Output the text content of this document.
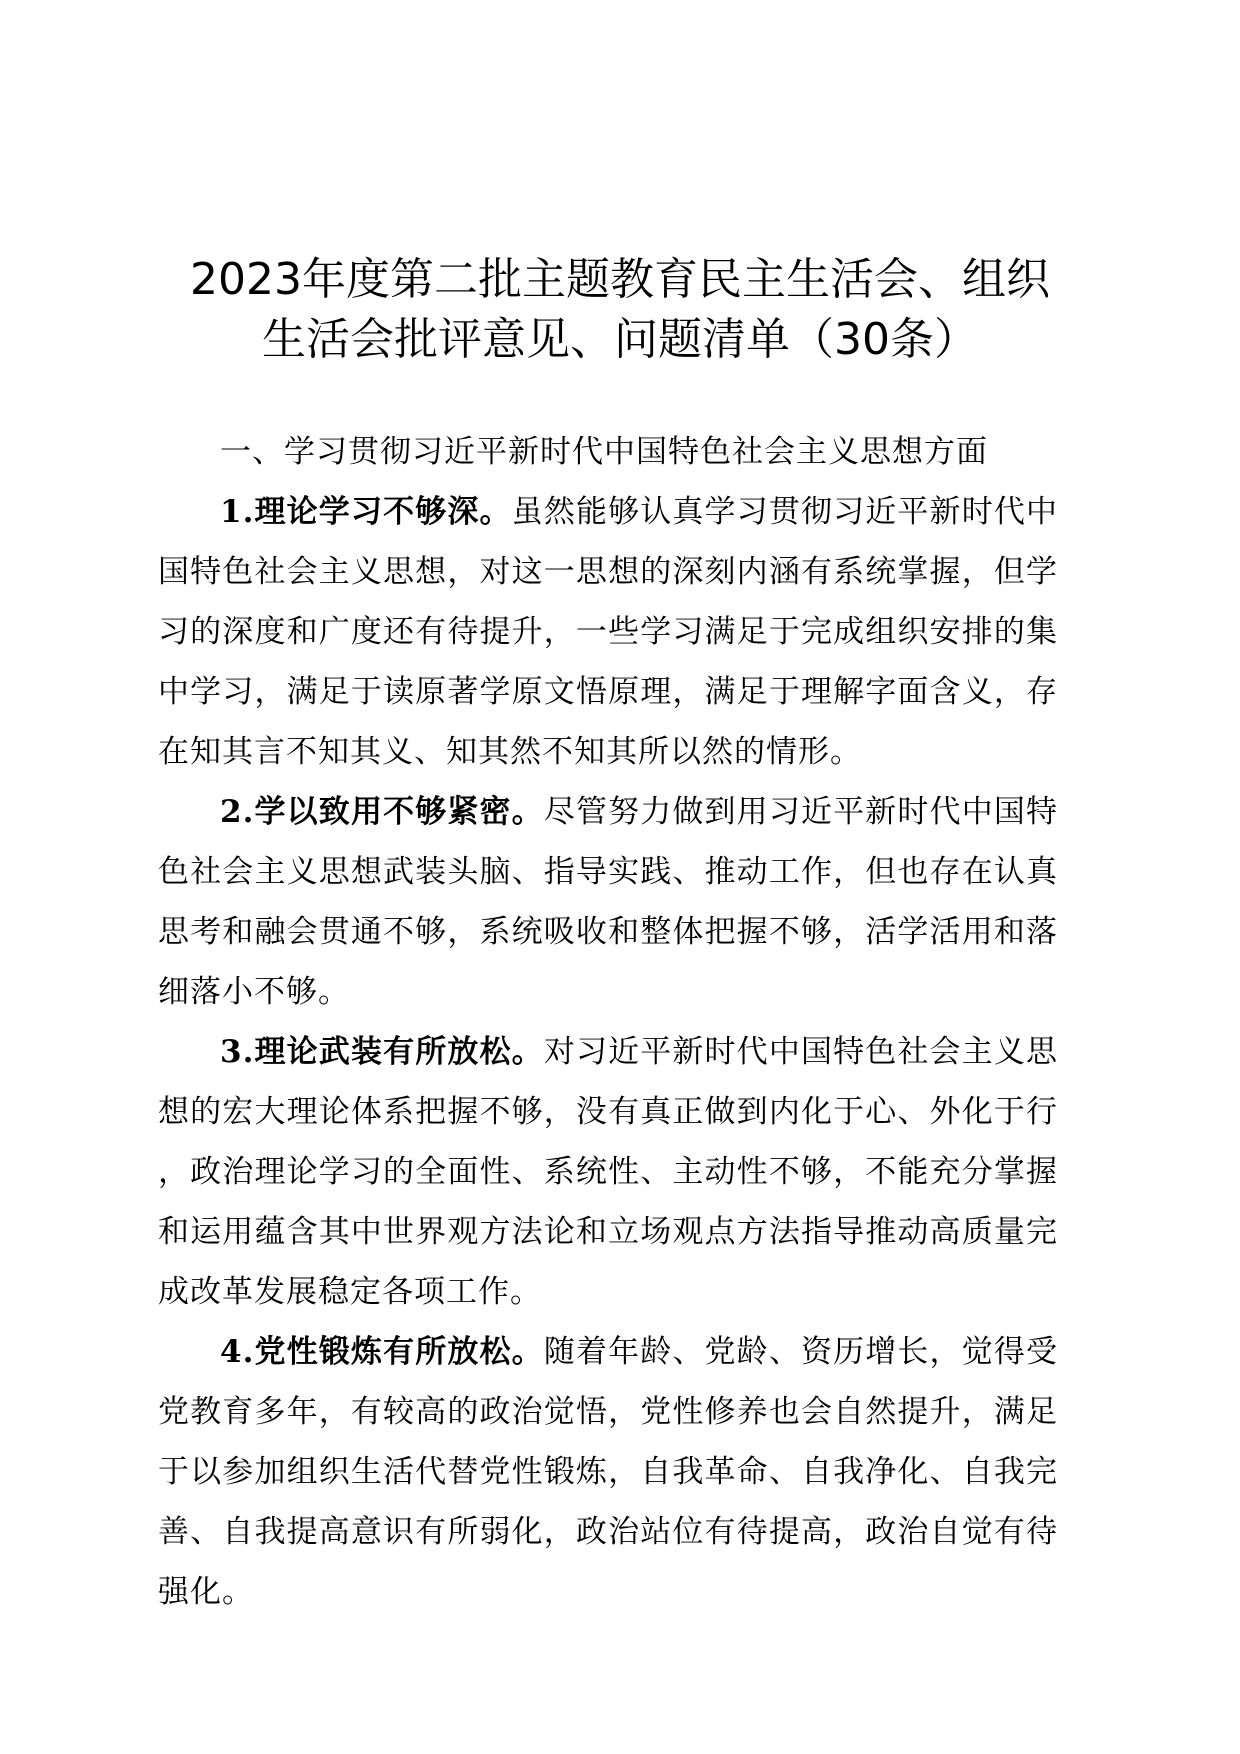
2023年度第二批主题教育民主生活会、组织
生活会批评意见、问题清单（30条）
一、学习贯彻习近平新时代中国特色社会主义思想方面

1.理论学习不够深。虽然能够认真学习贯彻习近平新时代中国特色社会主义思想，对这一思想的深刻内涵有系统掌握，但学习的深度和广度还有待提升，一些学习满足于完成组织安排的集中学习，满足于读原著学原文悟原理，满足于理解字面含义，存在知其言不知其义、知其然不知其所以然的情形。

2.学以致用不够紧密。尽管努力做到用习近平新时代中国特色社会主义思想武装头脑、指导实践、推动工作，但也存在认真思考和融会贯通不够，系统吸收和整体把握不够，活学活用和落细落小不够。

3.理论武装有所放松。对习近平新时代中国特色社会主义思想的宏大理论体系把握不够，没有真正做到内化于心、外化于行，政治理论学习的全面性、系统性、主动性不够，不能充分掌握和运用蕴含其中世界观方法论和立场观点方法指导推动高质量完成改革发展稳定各项工作。

4.党性锻炼有所放松。随着年龄、党龄、资历增长，觉得受党教育多年，有较高的政治觉悟，党性修养也会自然提升，满足于以参加组织生活代替党性锻炼，自我革命、自我净化、自我完善、自我提高意识有所弱化，政治站位有待提高，政治自觉有待强化。
